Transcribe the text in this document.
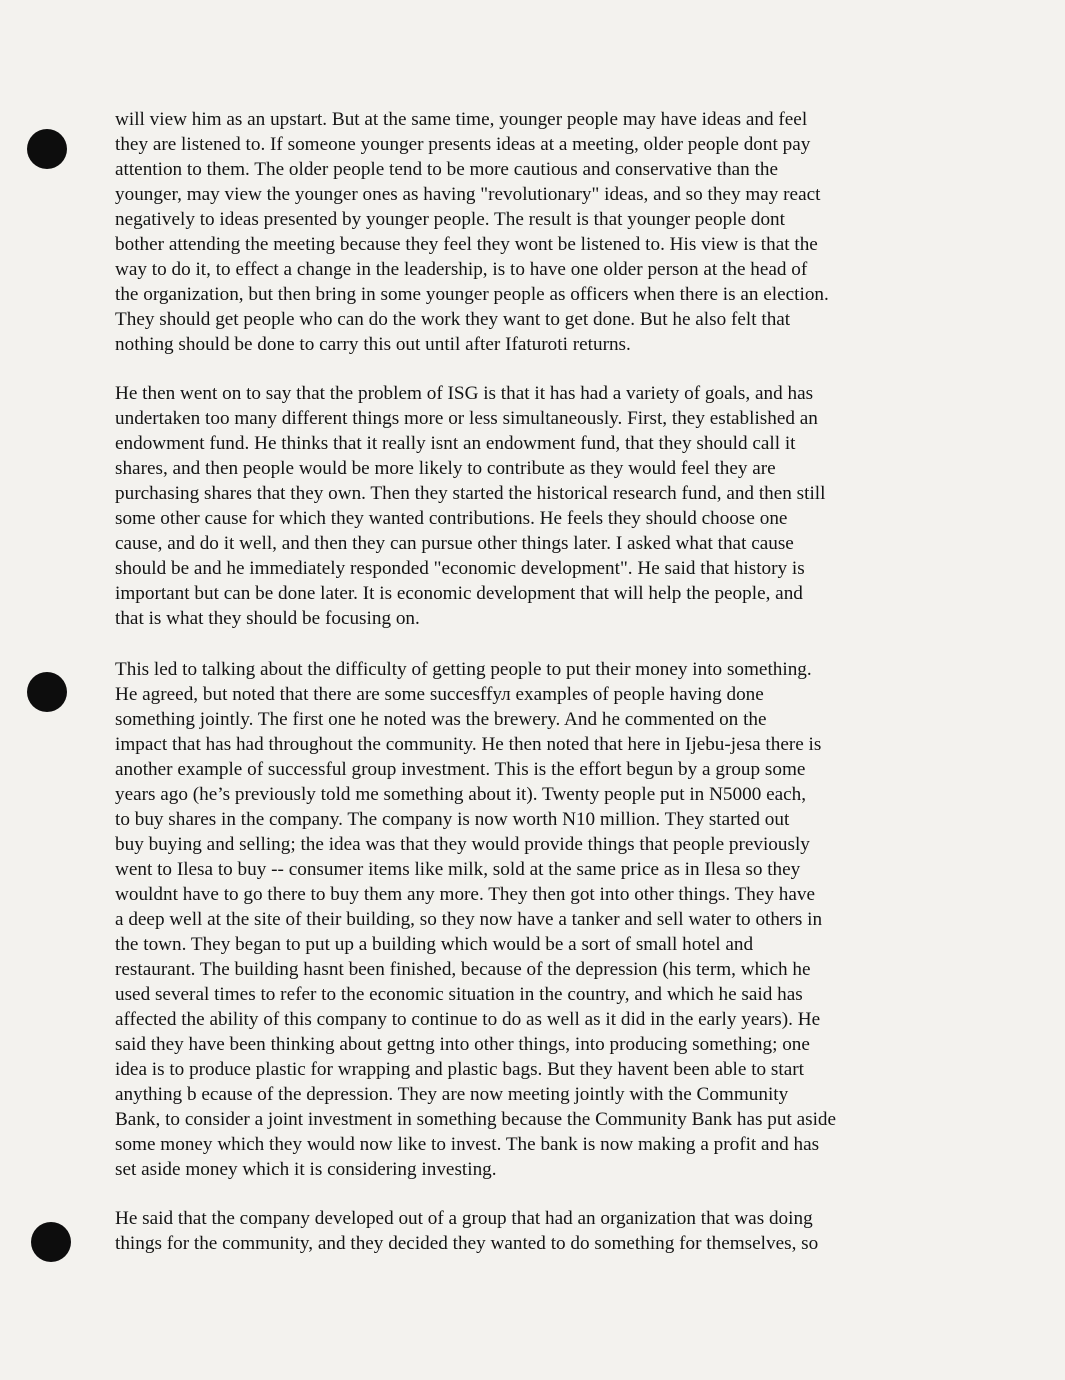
will view him as an upstart. But at the same time, younger people may have ideas and feel
they are listened to. If someone younger presents ideas at a meeting, older people dont pay
attention to them. The older people tend to be more cautious and conservative than the
younger, may view the younger ones as having "revolutionary" ideas, and so they may react
negatively to ideas presented by younger people. The result is that younger people dont
bother attending the meeting because they feel they wont be listened to. His view is that the
way to do it, to effect a change in the leadership, is to have one older person at the head of
the organization, but then bring in some younger people as officers when there is an election.
They should get people who can do the work they want to get done. But he also felt that
nothing should be done to carry this out until after Ifaturoti returns.
He then went on to say that the problem of ISG is that it has had a variety of goals, and has
undertaken too many different things more or less simultaneously. First, they established an
endowment fund. He thinks that it really isnt an endowment fund, that they should call it
shares, and then people would be more likely to contribute as they would feel they are
purchasing shares that they own. Then they started the historical research fund, and then still
some other cause for which they wanted contributions. He feels they should choose one
cause, and do it well, and then they can pursue other things later. I asked what that cause
should be and he immediately responded "economic development". He said that history is
important but can be done later. It is economic development that will help the people, and
that is what they should be focusing on.
This led to talking about the difficulty of getting people to put their money into something.
He agreed, but noted that there are some succesffул examples of people having done
something jointly. The first one he noted was the brewery. And he commented on the
impact that has had throughout the community. He then noted that here in Ijebu-jesa there is
another example of successful group investment. This is the effort begun by a group some
years ago (he’s previously told me something about it). Twenty people put in N5000 each,
to buy shares in the company. The company is now worth N10 million. They started out
buy buying and selling; the idea was that they would provide things that people previously
went to Ilesa to buy -- consumer items like milk, sold at the same price as in Ilesa so they
wouldnt have to go there to buy them any more. They then got into other things. They have
a deep well at the site of their building, so they now have a tanker and sell water to others in
the town. They began to put up a building which would be a sort of small hotel and
restaurant. The building hasnt been finished, because of the depression (his term, which he
used several times to refer to the economic situation in the country, and which he said has
affected the ability of this company to continue to do as well as it did in the early years). He
said they have been thinking about gettng into other things, into producing something; one
idea is to produce plastic for wrapping and plastic bags. But they havent been able to start
anything b ecause of the depression. They are now meeting jointly with the Community
Bank, to consider a joint investment in something because the Community Bank has put aside
some money which they would now like to invest. The bank is now making a profit and has
set aside money which it is considering investing.
He said that the company developed out of a group that had an organization that was doing
things for the community, and they decided they wanted to do something for themselves, so
